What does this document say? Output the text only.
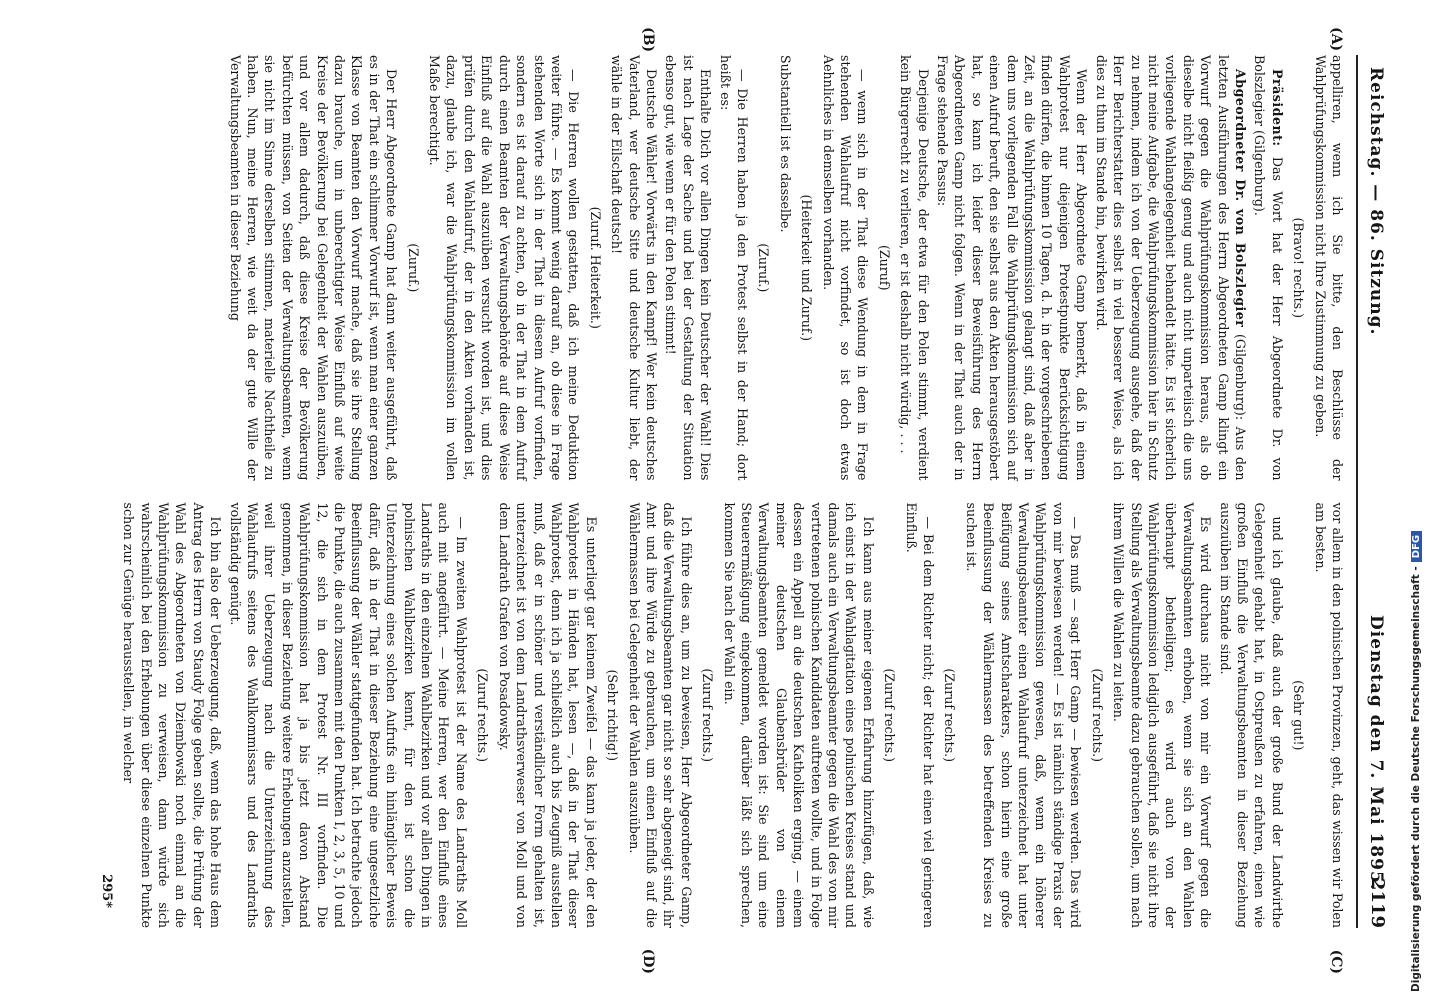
Reichstag. — 86. Sitzung.
Dienstag den 7. Mai 1895.
2119
(A)
(B)
(C)
(D)

appelliren, wenn ich Sie bitte, den Beschlüsse der Wahlprüfungskommission nicht Ihre Zustimmung zu geben.

(Bravo! rechts.)

Präsident: Das Wort hat der Herr Abgeordnete Dr. von Bolszlegier (Gilgenburg).

Abgeordneter Dr. von Bolszlegier (Gilgenburg): Aus den letzten Ausführungen des Herrn Abgeordneten Gamp klingt ein Vorwurf gegen die Wahlprüfungskommission heraus, als ob dieselbe nicht fleißig genug und auch nicht unparteiisch die uns vorliegende Wahlangelegenheit behandelt hätte. Es ist sicherlich nicht meine Aufgabe, die Wahlprüfungskommission hier in Schutz zu nehmen, indem ich von der Ueberzeugung ausgehe, daß der Herr Berichterstatter dies selbst in viel besserer Weise, als ich dies zu thun im Stande bin, bewirken wird.

Wenn der Herr Abgeordnete Gamp bemerkt, daß in einem Wahlprotest nur diejenigen Protestpunkte Berücksichtigung finden dürfen, die binnen 10 Tagen, d. h. in der vorgeschriebenen Zeit, an die Wahlprüfungskommission gelangt sind, daß aber in dem uns vorliegenden Fall die Wahlprüfungskommission sich auf einen Aufruf beruft, den sie selbst aus den Akten herausgestöbert hat, so kann ich leider dieser Beweisführung des Herrn Abgeordneten Gamp nicht folgen. Wenn in der That auch der in Frage stehende Passus:

Derjenige Deutsche, der etwa für den Polen stimmt, verdient kein Bürgerrecht zu verlieren, er ist deshalb nicht würdig, . . .

(Zuruf)

— wenn sich in der That diese Wendung in dem in Frage stehenden Wahlaufruf nicht vorfindet, so ist doch etwas Aehnliches in demselben vorhanden.

(Heiterkeit und Zuruf.)

Substantiell ist es dasselbe.

(Zuruf.)

— Die Herren haben ja den Protest selbst in der Hand; dort heißt es:

Enthalte Dich vor allen Dingen kein Deutscher der Wahl! Dies ist nach Lage der Sache und bei der Gestaltung der Situation ebenso gut, wie wenn er für den Polen stimmt!

Deutsche Wähler! Vorwärts in den Kampf! Wer kein deutsches Vaterland, wer deutsche Sitte und deutsche Kultur liebt, der wähle in der Eilschaft deutsch!

(Zuruf. Heiterkeit.)

— Die Herren wollen gestatten, daß ich meine Deduktion weiter führe. — Es kommt wenig darauf an, ob diese in Frage stehenden Worte sich in der That in diesem Aufruf vorfinden, sondern es ist darauf zu achten, ob in der That in dem Aufruf durch einen Beamten der Verwaltungsbehörde auf diese Weise Einfluß auf die Wahl auszuüben versucht worden ist, und dies prüfen durch den Wahlaufruf, der in den Akten vorhanden ist, dazu, glaube ich, war die Wahlprüfungskommission im vollen Maße berechtigt.

(Zuruf.)

Der Herr Abgeordnete Gamp hat dann weiter ausgeführt, daß es in der That ein schlimmer Vorwurf ist, wenn man einer ganzen Klasse von Beamten den Vorwurf mache, daß sie ihre Stellung dazu brauche, um in unberechtigter Weise Einfluß auf weite Kreise der Bevölkerung bei Gelegenheit der Wahlen auszuüben, und vor allem dadurch, daß diese Kreise der Bevölkerung befürchten müssen, von Seiten der Verwaltungsbeamten, wenn sie nicht im Sinne derselben stimmen, materielle Nachtheile zu haben. Nun, meine Herren, wie weit da der gute Wille der Verwaltungsbeamten in dieser Beziehung

vor allem in den polnischen Provinzen, geht, das wissen wir Polen am besten.

(Sehr gut!)

und ich glaube, daß auch der große Bund der Landwirthe Gelegenheit gehabt hat, in Ostpreußen zu erfahren, einen wie großen Einfluß die Verwaltungsbeamten in dieser Beziehung auszuüben im Stande sind.

Es wird durchaus nicht von mir ein Vorwurf gegen die Verwaltungsbeamten erhoben, wenn sie sich an den Wahlen überhaupt betheiligen; es wird auch von der Wahlprüfungskommission lediglich ausgeführt, daß sie nicht ihre Stellung als Verwaltungsbeamte dazu gebrauchen sollen, um nach ihrem Willen die Wahlen zu leiten.

(Zuruf rechts.)

— Das muß — sagt Herr Gamp — bewiesen werden. Das wird von mir bewiesen werden! — Es ist nämlich ständige Praxis der Wahlprüfungskommission gewesen, daß, wenn ein höherer Verwaltungsbeamter einen Wahlaufruf unterzeichnet hat unter Beifügung seines Amtscharakters, schon hierin eine große Beeinflussung der Wählermassen des betreffenden Kreises zu suchen ist.

(Zuruf rechts.)

— Bei dem Richter nicht; der Richter hat einen viel geringeren Einfluß.

(Zuruf rechts.)

Ich kann aus meiner eigenen Erfahrung hinzufügen, daß, wie ich einst in der Wahlagitation eines polnischen Kreises stand und damals auch ein Verwaltungsbeamter gegen die Wahl des von mir vertretenen polnischen Kandidaten auftreten wollte, und in Folge dessen ein Appell an die deutschen Katholiken erging, — einem meiner deutschen Glaubensbrüder von einem Verwaltungsbeamten gemeldet worden ist: Sie sind um eine Steuerermäßigung eingekommen, darüber läßt sich sprechen, kommen Sie nach der Wahl ein.

(Zuruf rechts.)

Ich führe dies an, um zu beweisen, Herr Abgeordneter Gamp, daß die Verwaltungsbeamten gar nicht so sehr abgeneigt sind, ihr Amt und ihre Würde zu gebrauchen, um einen Einfluß auf die Wählermassen bei Gelegenheit der Wahlen auszuüben.

(Sehr richtig!)

Es unterliegt gar keinem Zweifel — das kann ja jeder, der den Wahlprotest in Händen hat, lesen —, daß in der That dieser Wahlprotest, denn ich ja schließlich auch bis Zeugniß ausstellen muß, daß er in schöner und verständlicher Form gehalten ist, unterzeichnet ist von dem Landrathsverweser von Moll und von dem Landrath Grafen von Posadowsky.

(Zuruf rechts.)

— Im zweiten Wahlprotest ist der Name des Landraths Moll auch mit angeführt. — Meine Herren, wer den Einfluß eines Landraths in den einzelnen Wahlbezirken und vor allen Dingen in polnischen Wahlbezirken kennt, für den ist schon die Unterzeichnung eines solchen Aufrufs ein hinlänglicher Beweis dafür, daß in der That in dieser Beziehung eine ungesetzliche Beeinflussung der Wähler stattgefunden hat. Ich betrachte jedoch die Punkte, die auch zusammen mit den Punkten I, 2, 3, 5, 10 und 12, die sich in dem Protest Nr. III vorfinden. Die Wahlprüfungskommission hat ja bis jetzt davon Abstand genommen, in dieser Beziehung weitere Erhebungen anzustellen, weil ihrer Ueberzeugung nach die Unterzeichnung des Wahlaufrufs seitens des Wahlkommissars und des Landraths vollständig genügt.

Ich bin also der Ueberzeugung, daß, wenn das hohe Haus dem Antrag des Herrn von Staudy Folge geben sollte, die Prüfung der Wahl des Abgeordneten von Dziembowski noch einmal an die Wahlprüfungskommission zu verweisen, dann würde sich wahrscheinlich bei den Erhebungen über diese einzelnen Punkte schon zur Genüge herausstellen, in welcher

295*	Digitalisierung gefördert durch die Deutsche Forschungsgemeinschaft -DFG
